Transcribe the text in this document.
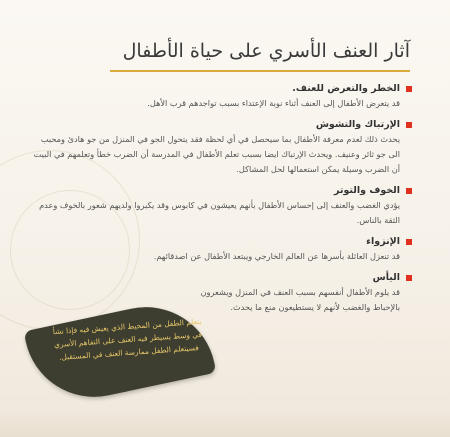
آثار العنف الأسري على حياة الأطفال
الخطر والتعرض للعنف.
قد يتعرض الأطفال إلى العنف أثناء نوبة الإعتداء بسبب تواجدهم قرب الأهل.
الإرتباك والتشوش
يحدث ذلك لعدم معرفة الأطفال بما سيحصل في أي لحظة فقد يتحول الجو في المنزل من جو هادئ ومحبب الى جو ثائر وعنيف. ويحدث الإرتباك ايضا بسبب تعلم الأطفال في المدرسة أن الضرب خطأ وتعلمهم في البيت أن الضرب وسيلة يمكن استعمالها لحل المشاكل.
الخوف والتوتر
يؤدي الغضب والعنف إلى إحساس الأطفال بأنهم يعيشون في كابوس وقد يكبروا ولديهم شعور بالخوف وعدم الثقة بالناس.
الإنزواء
قد تنعزل العائلة بأسرها عن العالم الخارجي ويبتعد الأطفال عن اصدقائهم.
اليأس
قد يلوم الأطفال أنفسهم بسبب العنف في المنزل ويشعرون بالإحباط والغضب لأنهم لا يستطيعون منع ما يحدث.
يتعلم الطفل من المحيط الذي يعيش فيه فإذا نشأ في وسط يسيطر فيه العنف على التفاهم الأسري فسيتعلم الطفل ممارسة العنف في المستقبل.
